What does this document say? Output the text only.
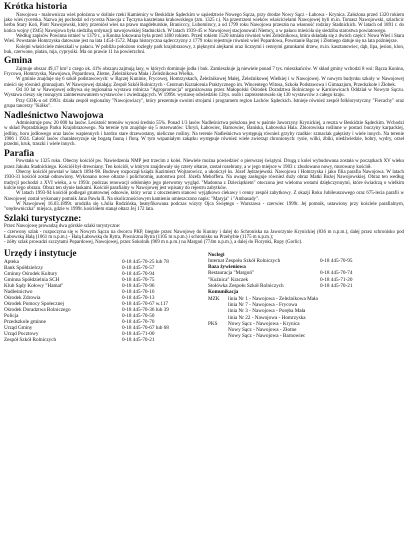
Krótka historia

Nawojowa - malownicza wieś położona w dolinie rzeki Kamienicy w Beskidzie Sądeckim w sąsiedztwie Nowego Sącza, przy drodze Nowy Sącz - Łabowa - Krynica. Założona przed 1320 rokiem jako wieś rycerska. Nazwa jej pochodzi od rycerza Nawoja z Tęczyna kasztelana krakowskiego (zm. 1325 r.). Na przestrzeni wieków właścicielami Nawojowej byli m.in. Tomasz Nawojowski, szlachcic herbu Stary Koń, Piotr Nawojowski, który przeniósł wieś na prawo magdeburskie, Branicccy, Lubomirscy, a od 1799 roku Nawojowa przeszła na własność rodziny Stadnickich. W latach od 1891 r. do końca wojny (1945) Nawojowa była siedzibą ordynacji nawojowskiej Stadnickich. W latach 1939-45 w Nawojowej stacjonowali Niemcy, a w pałacu mieściła się siedziba starostwa powiatowego.

Według zapisów Powinna istnieć w 1379 r., a Kunina lokowana była przed 1400 rokiem. Przed rokiem 1520 istniała również wieś Żeleźnikowa, która składała się z dwóch części: Nowa Wieś i Stara Wieś. Powstanie Homrzyska datowane jest na lata 1454-1572. Mapa historyczna sądecczyzny z 1779 roku rejestruje również wieś Popardowa, Powstanie Bączej i Złotnego datuje się na lata późniejsze.

Kolejni właściciele mieszkali w pałacu. W pobliżu położono rozległy park krajobrazowy, z pięknymi alejkami oraz licznymi i cennymi gatunkami drzew, m.in. kasztanowiec, dąb, lipa, jesion, klon, buk, czerwone, platan, tuja, cyprysiki. Ma on prawie 11 ha powierzchni.

Gmina

Zajmuje obszar 49,17 km² z czego ok. 41% obszaru zajmują lasy, w których dominuje jodła i buk. Zamieszkuje ją niewiele ponad 7 tys. mieszkańców. W skład gminy wchodzi 8 wsi: Bącza Kunina, Frycowa, Homrzyska, Nawojowa, Popardowa, Złotne, Żeleźnikowa Mała i Żeleźnikowa Wielka.

W gminie znajduje się 6 szkół podstawowych: w Bączej Kuninie, Frycowej, Homrzyskach, Żeleźnikowej Małej, Żeleźnikowej Wielkiej i w Nawojowej. W nowym budynku szkoły w Nawojowej mieści się również gimnazjum. W Nawojowej działają: Zespół Szkół Rolniczych - Centrum Kształcenia Praktycznego im. Wincentego Witosa, Szkoła Podstawowa i Gimnazjum, Przedszkole i Żłobek.

Od 10 lat w Nawojowej odbywa się regionalna wystawa rolnicza "Agropromocja" organizowana przez Małopolski Ośrodek Doradztwa Rolniczego w Karniowicach Oddział w Nowym Sączu. Wystawa cieszy się rosnącym zainteresowaniem wystawców i zwiedzających. W 1999r. wystawę odwiedziło 12tys. osób i zaprezentowało się 130 wystawców z całego kraju.

Przy GOK-u od 1993r. działa zespół regionalny "Nawojowiacy", który prezentuje swoimi strojami i programem region Lachów Sądeckich. Istnieje również zespół folklorystyczny "Fiecachy" oraz grupa tancerzy "Kółko".

Nadleśnictwo Nawojowa

Administruje pow. 20 000 ha lasów. Lesistość terenów wynosi średnio 55%. Ponad 1/3 lasów Nadleśnictwa położona jest w paśmie Jaworzyny Krynickiej, a reszta w Beskidzie Sądeckim. Wchodzi w skład Popradzkiego Parku Krajobrazowego. Na terenie tym znajduje się 5 rezerwatów: Uhryń, Łabowiec, Barnowiec, Baniska, Łabowska Hala. Zbiorowiska roślinne w postaci buczyny karpackiej, jedliny, boru jodłowego oraz lasów wapiennych i bardzo stare drzewostany, nieliczne rośliny. Na terenie Nadleśnictwa występują również grzyby rzadkie: szmaciak gałęzisty i wiele innych. Na terenie 1906 i 1924. Całość lasów charakteryzuje się bogatą fauną i florą. W tym wspaniałym zakątku występuje również wiele zwierząt chronionych: rysie, wilki, żbiki, niedźwiedzie, bobry, wydry, orzeł przedni, kruk, traszki i wiele innych.

Parafia

Powstała w 1325 roku. Obecny kościół pw. Nawiedzenia NMP jest trzecim z kolei. Niewiele można powiedzieć o pierwszej świątyni. Drugą z kolei wybudowana została w początkach XV wieku przez Jakuba Stadnickiego. Kościół był drewniany. Ten kościół, w którym znajdowały się cztery ołtarze, został rozebrany, a w jego miejsce w 1903 r. zbudowano nowy, murowany kościół.

Obecny kościół powstał w latach 1894-98. Budowę rozpoczął ksiądz Kazimierz Wojtarowicz, a ukończył ks. Józef Jędrzejewski. Nawojowa i Homrzyska i jako filia parafia Nawojowa. W latach 1930-31 kościół został odnowiony. Wykonano nowe ołtarze i polichromię, autorstwa prof. Józefa Mehoffera. Na uwagę zasługuje również duży obraz Matki Bożej Nawojowskiej. Obraz ten według tradycji pochodzi z XVI wieku, a w 1993r. podczas renowacji odsłonięto jego pierwotny wygląd. "Madonna z Dzieciątkiem" otoczona jest wieloma wotami dziękczynnymi, które świadczą o wielkim kulcie tego obrazu. Obraz ten słynie łaskami. Kościół parafialny w Nawojowej jest wpisany do rejestru zabytków.

W latach 1993-94 kościół podlegał gruntownej odnowie, który wraz z otoczeniem stanowi wyjątkowo ciekawy i cenny zespół zabytkowy. Z okazji Roku Jubileuszowego oraz 675-lecia parafii w Nawojowej został wykonany pomnik Jana Pawła II. Na okolicznościowym kamieniu umieszczono napis: "Maryja" i "Ambasady".

W Nawojowej 16.03.1899r. urodziła się s.Julia Rodzińska, beatyfikowana podczas wizyty Ojca Świętego - Warszawa - czerwiec 1999r. Jej pomnik, ustawiony przy kościele parafialnym, "orędowniczka" miejsca, gdzie w 1999r. kościółem stanął ołtarz Jej 172 lata.

Szlaki turystyczne:

Przez Nawojowę prowadzą dwa górskie szlaki turystyczne:

- czerwony szlak - rozpoczyna się w Nowym Sączu na dworcu PKP, biegnie przez Nawojowę do Kuniny i dalej do Schroniska na Jaworzynie Krynickiej (836 m n.p.m.), dalej przez schronisko pod Łabowską Halą (1061 m n.p.m.) - Halą Łabowską do Rytra, Piwniczna Rytra (1105 m n.p.m.) i schronisko na Przehybie (1175 m n.p.m.);
- żółty szlak prowadzi szczytami Popardowej, Nawojowej, przez Sokolnik (969 m n.p.m.) na Margoń (774m n.p.m.), a dalej do Florynki, Ropy (Gorlic).
Urzędy i instytucje
Apteka	0-18 445-70-25 lub 78
Bank Spółdzielczy	0-18 445-70-57
Gminny Ośrodek Kultury	0-18 445-70-94
Gminna Spółdzielnia SCH	0-18 445-70-75
Klub Sądy Kołowy "Hamat"	0-18 445-70-96
Nadleśnictwo	0-18 445-70-16
Ośrodek Zdrowia	0-18 445-70-13
Ośrodek Pomocy Społecznej	0-18 445-70-67 w.117
Ośrodek Doradztwa Rolniczego	0-18 445-70-36 lub 39
Policja	0-18 445-70-50
Przedszkole gminne	0-18 445-70-70
Urząd Gminy	0-18 445-70-67 lub 68
Urząd Pocztowy	0-18 445-71-00
Zespół Szkół Rolniczych	0-18 445-70-21
Noclegi
Internat Zespołu Szkół Rolniczych	0-18 445-70-95
Baza żywieniowa
Restauracja "Margoń"	0-18 445-70-74
"Kuźnica" Kraczek	0-18 445-71-20
Stołówka Zespołu Szkół Rolniczych	0-18 445-70-21
Komunikacja
MZK	linia Nr 1 - Nawojowa - Żeleźnikowa Mała
linia Nr 7 - Nawojowa - Frycowa
linia Nr 3 - Nawojowa - Poręba Mała
linia Nr 22 - Nawojowa - Homrzyska
PKS	Nowy Sącz - Nawojowa - Krynica
Nowy Sącz - Nawojowa - Złotne
Nowy Sącz - Nawojowa - Barnowiec
